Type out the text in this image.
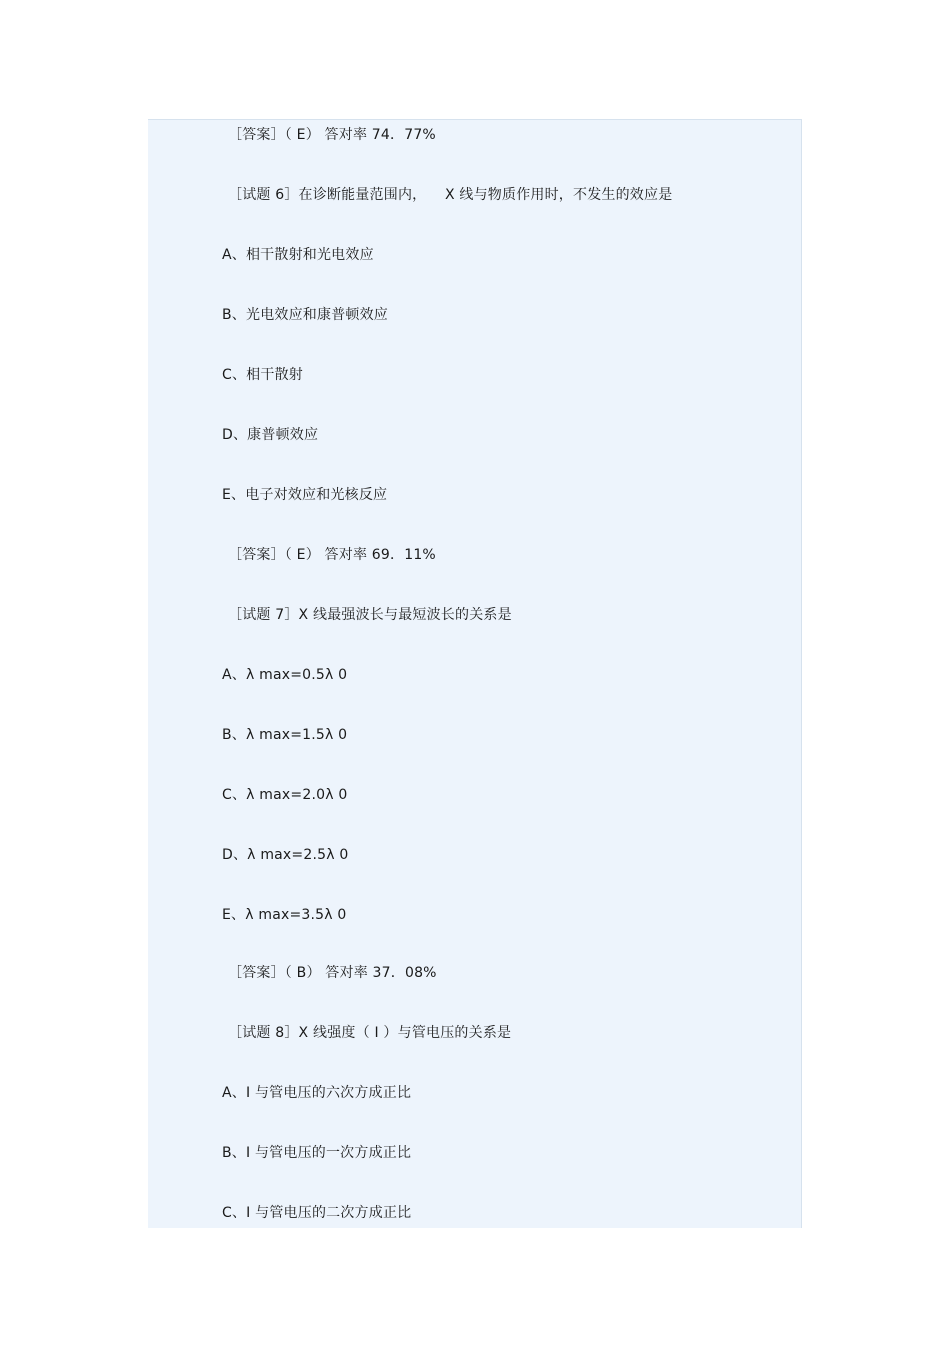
［答案］（ E） 答对率 74．77%
［试题 6］在诊断能量范围内，    X 线与物质作用时，不发生的效应是
A、相干散射和光电效应
B、光电效应和康普顿效应
C、相干散射
D、康普顿效应
E、电子对效应和光核反应
［答案］（ E） 答对率 69．11%
［试题 7］X 线最强波长与最短波长的关系是
A、λ max=0.5λ 0
B、λ max=1.5λ 0
C、λ max=2.0λ 0
D、λ max=2.5λ 0
E、λ max=3.5λ 0
［答案］（ B） 答对率 37．08%
［试题 8］X 线强度（ I ）与管电压的关系是
A、I 与管电压的六次方成正比
B、I 与管电压的一次方成正比
C、I 与管电压的二次方成正比
